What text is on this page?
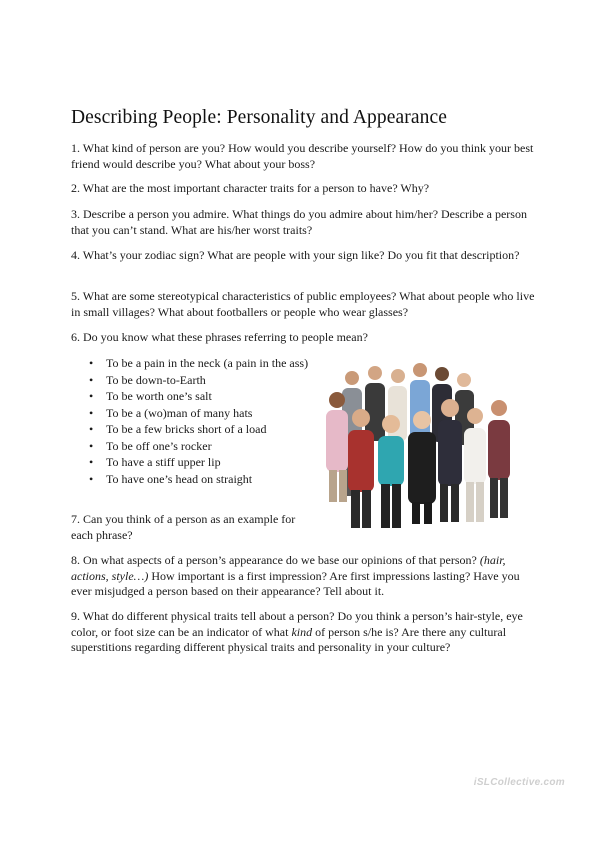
Describing People: Personality and Appearance

1. What kind of person are you? How would you describe yourself? How do you think your best friend would describe you? What about your boss?

2. What are the most important character traits for a person to have? Why?

3. Describe a person you admire. What things do you admire about him/her? Describe a person that you can’t stand. What are his/her worst traits?

4. What’s your zodiac sign? What are people with your sign like? Do you fit that description?

5. What are some stereotypical characteristics of public employees? What about people who live in small villages? What about footballers or people who wear glasses?

6. Do you know what these phrases referring to people mean?

• To be a pain in the neck (a pain in the ass)
• To be down-to-Earth
• To be worth one’s salt
• To be a (wo)man of many hats
• To be a few bricks short of a load
• To be off one’s rocker
• To have a stiff upper lip
• To have one’s head on straight

7. Can you think of a person as an example for each phrase?

8. On what aspects of a person’s appearance do we base our opinions of that person? (hair, actions, style…) How important is a first impression? Are first impressions lasting? Have you ever misjudged a person based on their appearance? Tell about it.

9. What do different physical traits tell about a person? Do you think a person’s hair-style, eye color, or foot size can be an indicator of what kind of person s/he is? Are there any cultural superstitions regarding different physical traits and personality in your culture?

iSLCollective.com
